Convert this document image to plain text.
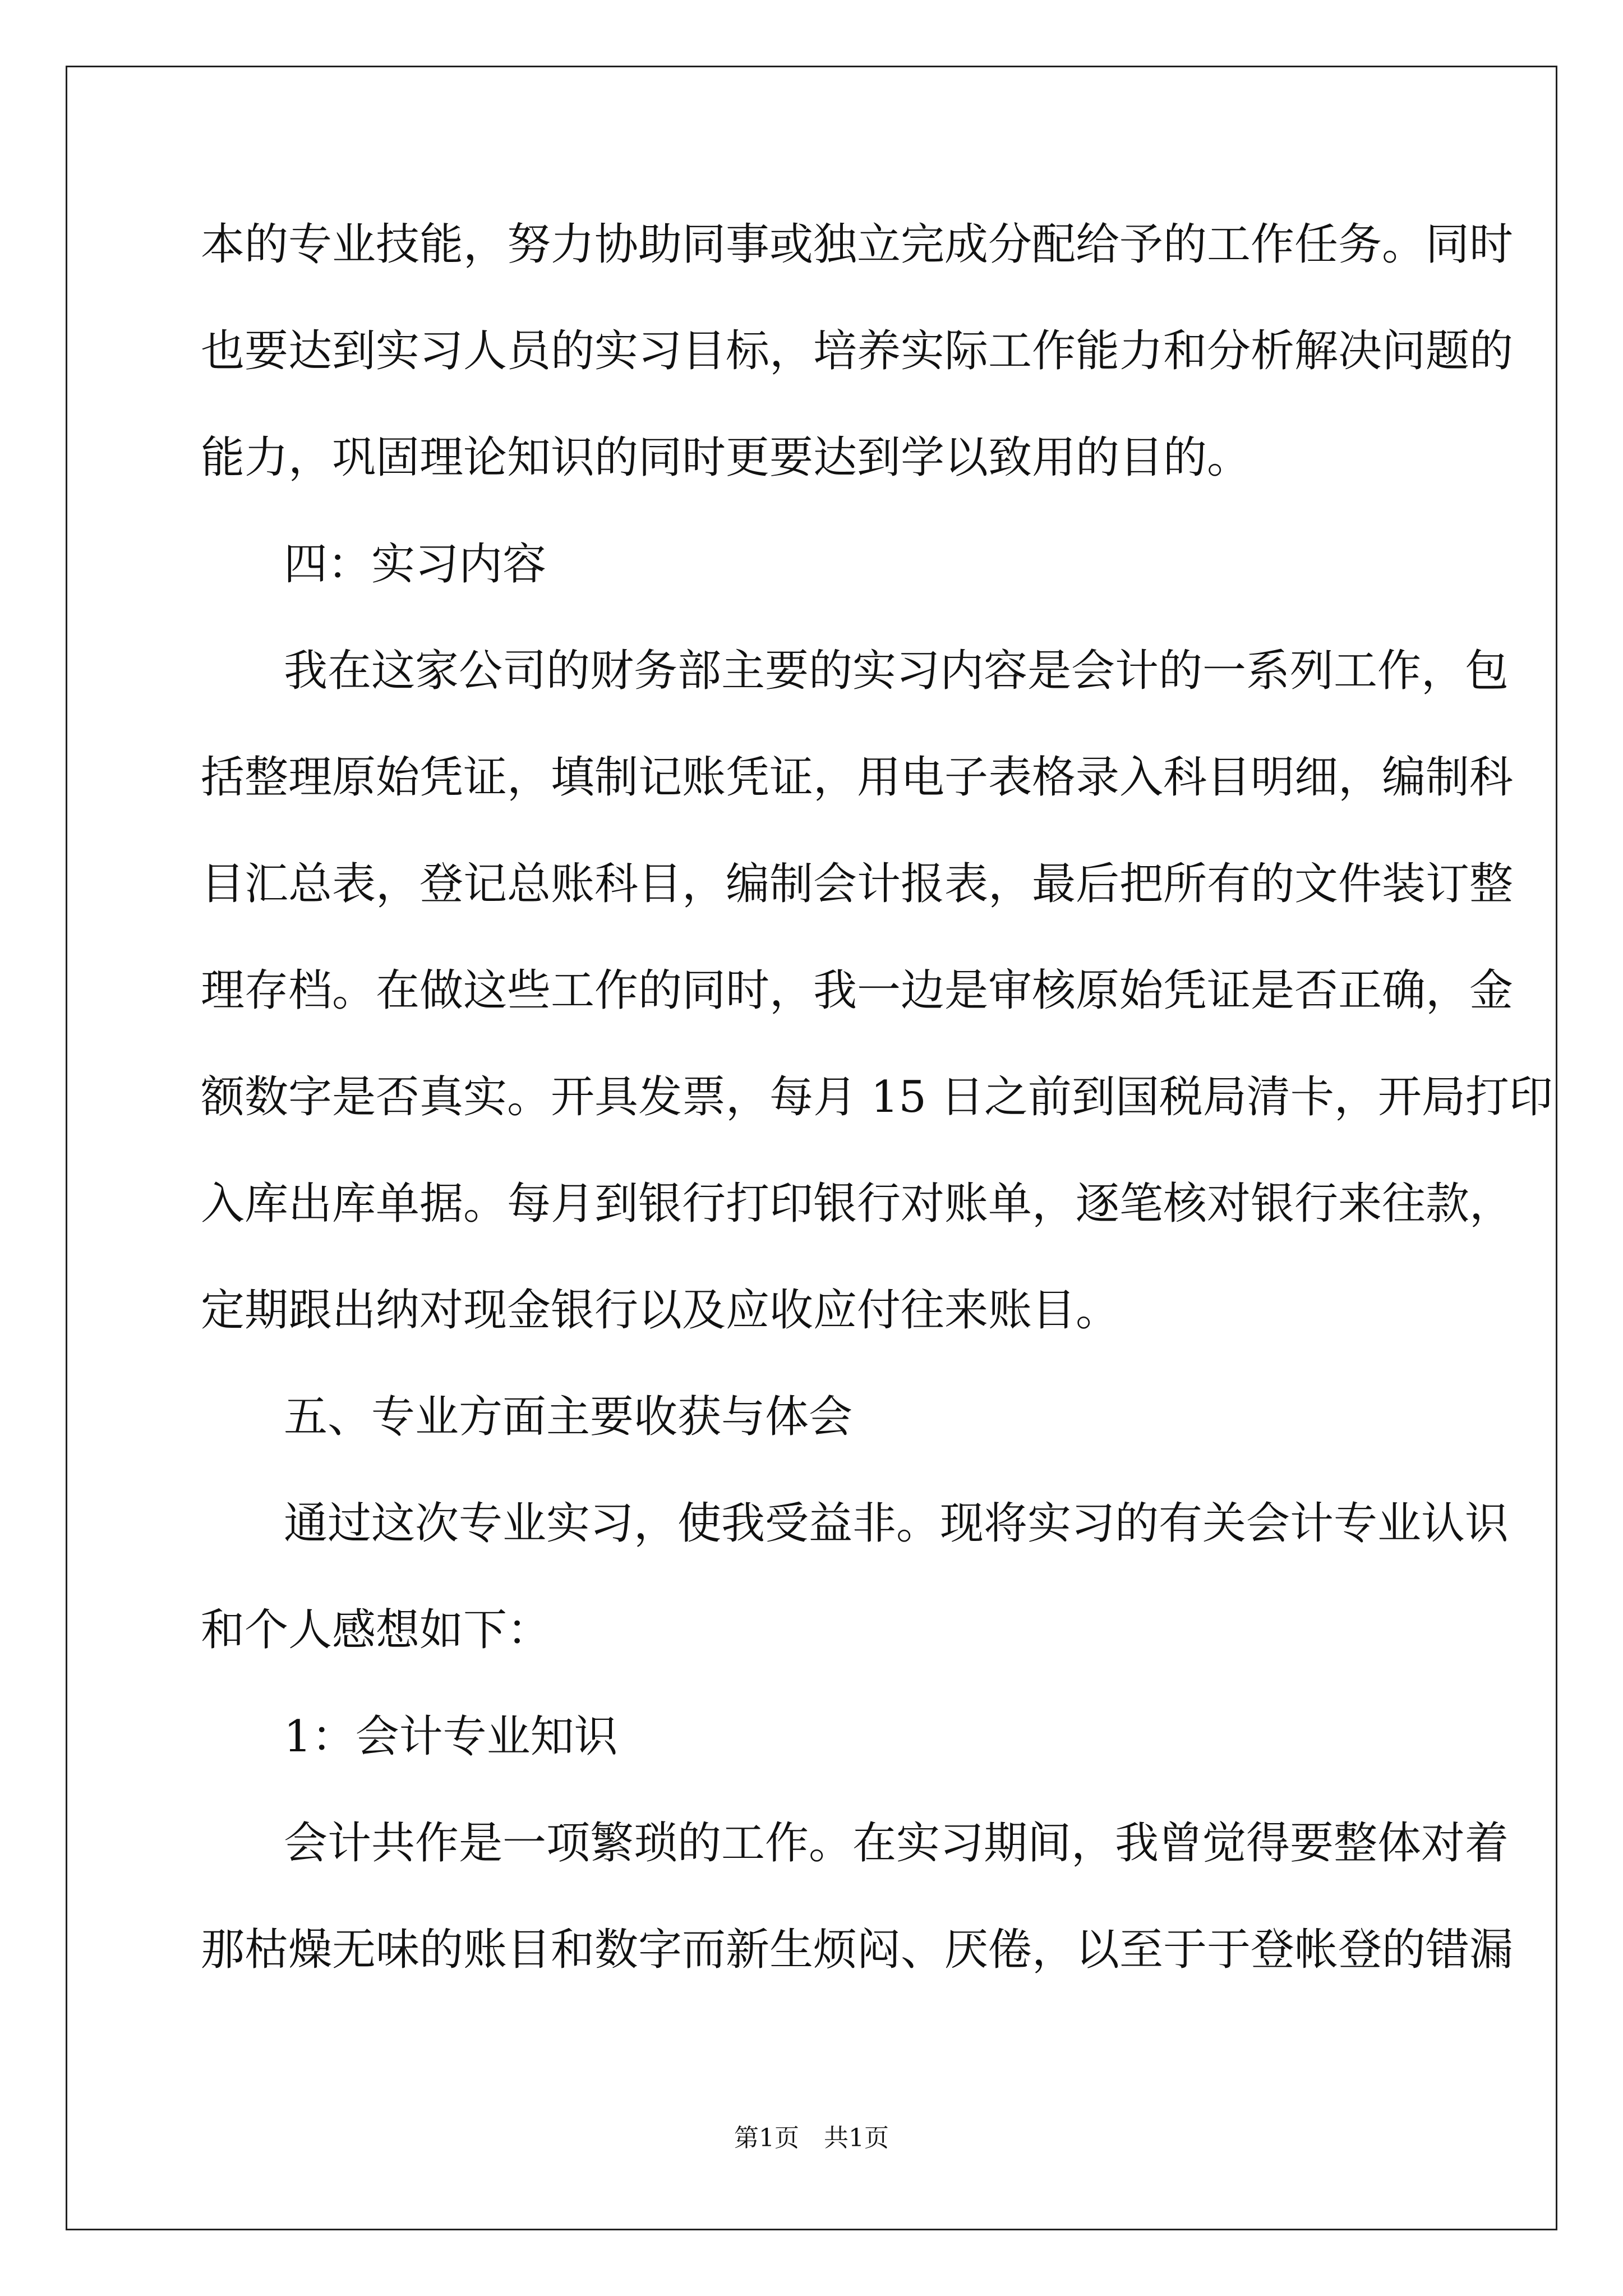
本的专业技能，努力协助同事或独立完成分配给予的工作任务。同时
也要达到实习人员的实习目标，培养实际工作能力和分析解决问题的
能力，巩固理论知识的同时更要达到学以致用的目的。
四：实习内容
我在这家公司的财务部主要的实习内容是会计的一系列工作，包
括整理原始凭证，填制记账凭证，用电子表格录入科目明细，编制科
目汇总表，登记总账科目，编制会计报表，最后把所有的文件装订整
理存档。在做这些工作的同时，我一边是审核原始凭证是否正确，金
额数字是否真实。开具发票，每月 15 日之前到国税局清卡，开局打印
入库出库单据。每月到银行打印银行对账单，逐笔核对银行来往款，
定期跟出纳对现金银行以及应收应付往来账目。
五、专业方面主要收获与体会
通过这次专业实习，使我受益非。现将实习的有关会计专业认识
和个人感想如下：
1：会计专业知识
会计共作是一项繁琐的工作。在实习期间，我曾觉得要整体对着
那枯燥无味的账目和数字而新生烦闷、厌倦，以至于于登帐登的错漏
第1页 共1页
